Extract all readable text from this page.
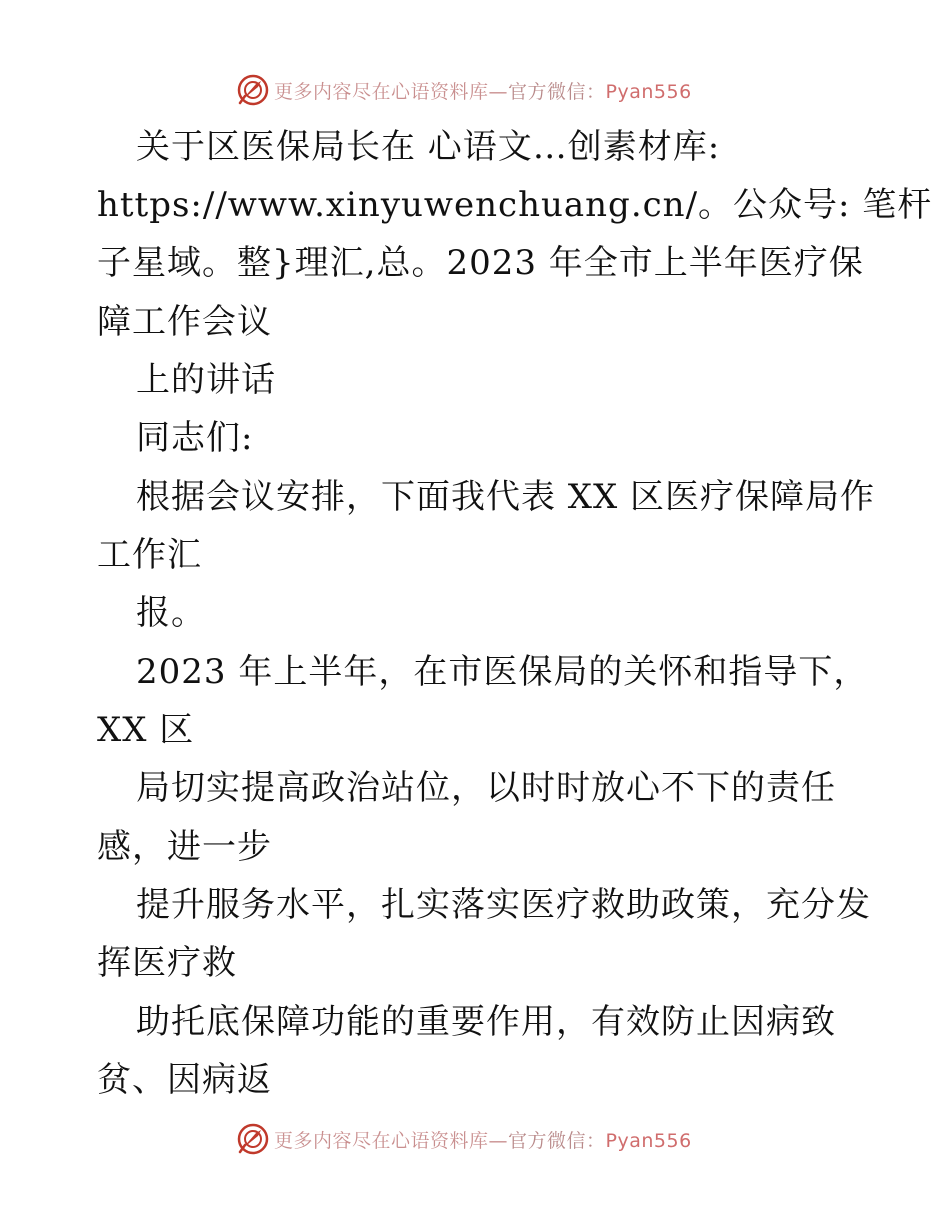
更多内容尽在心语资料库—官方微信：Pyan556
关于区医保局长在 心语文…创素材库:
https://www.xinyuwenchuang.cn/。公众号: 笔杆
子星域。整}理汇,总。2023 年全市上半年医疗保
障工作会议
上的讲话
同志们:
根据会议安排，下面我代表 XX 区医疗保障局作
工作汇
报。
2023 年上半年，在市医保局的关怀和指导下，
XX 区
局切实提高政治站位，以时时放心不下的责任
感，进一步
提升服务水平，扎实落实医疗救助政策，充分发
挥医疗救
助托底保障功能的重要作用，有效防止因病致
贫、因病返
更多内容尽在心语资料库—官方微信：Pyan556
